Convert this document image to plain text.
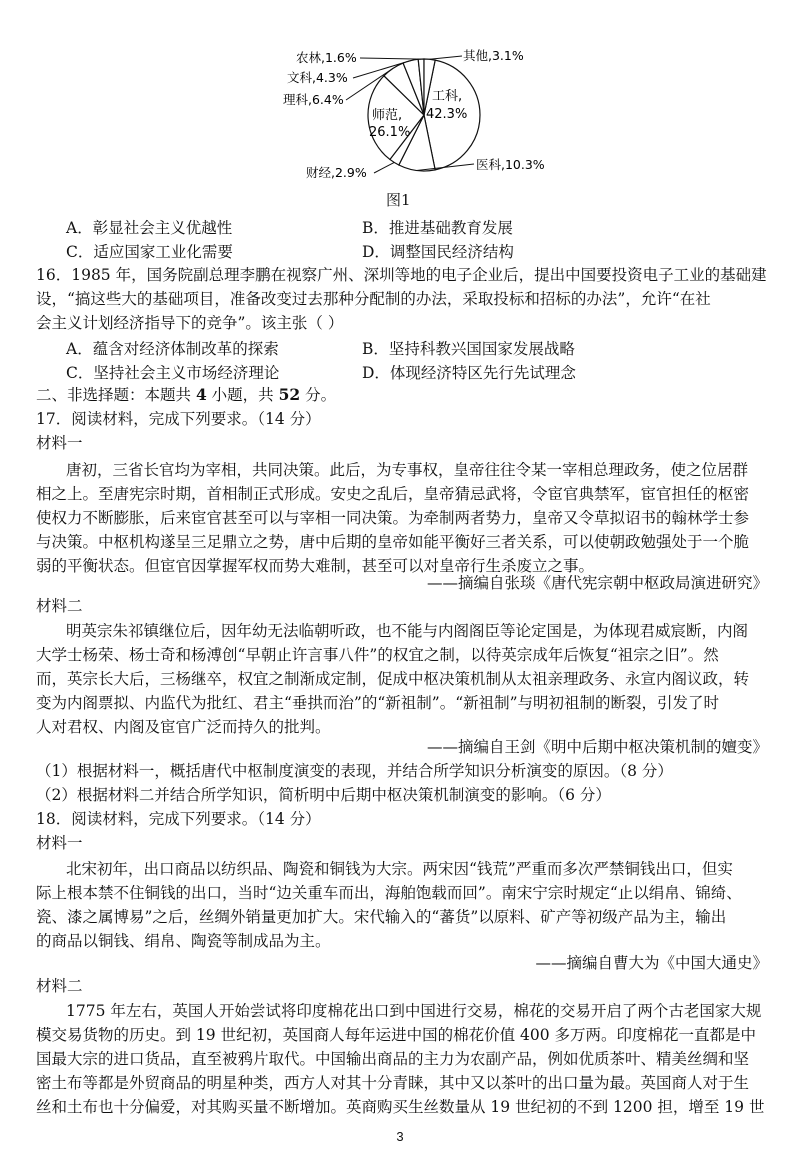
工科,
42.3%
师范,
26.1%
农林,1.6%
文科,4.3%
理科,6.4%
其他,3.1%
医科,10.3%
财经,2.9%
图1
A．彰显社会主义优越性	B．推进基础教育发展
C．适应国家工业化需要	D．调整国民经济结构
16．1985 年，国务院副总理李鹏在视察广州、深圳等地的电子企业后，提出中国要投资电子工业的基础建
设，“搞这些大的基础项目，准备改变过去那种分配制的办法，采取投标和招标的办法”，允许“在社
会主义计划经济指导下的竞争”。该主张（ ）
A．蕴含对经济体制改革的探索	B．坚持科教兴国国家发展战略
C．坚持社会主义市场经济理论	D．体现经济特区先行先试理念
二、非选择题：本题共 4 小题，共 52 分。
17．阅读材料，完成下列要求。（14 分）
材料一
唐初，三省长官均为宰相，共同决策。此后，为专事权，皇帝往往令某一宰相总理政务，使之位居群
相之上。至唐宪宗时期，首相制正式形成。安史之乱后，皇帝猜忌武将，令宦官典禁军，宦官担任的枢密
使权力不断膨胀，后来宦官甚至可以与宰相一同决策。为牵制两者势力，皇帝又令草拟诏书的翰林学士参
与决策。中枢机构遂呈三足鼎立之势，唐中后期的皇帝如能平衡好三者关系，可以使朝政勉强处于一个脆
弱的平衡状态。但宦官因掌握军权而势大难制，甚至可以对皇帝行生杀废立之事。
——摘编自张琰《唐代宪宗朝中枢政局演进研究》
材料二
明英宗朱祁镇继位后，因年幼无法临朝听政，也不能与内阁阁臣等论定国是，为体现君威宸断，内阁
大学士杨荣、杨士奇和杨溥创“早朝止许言事八件”的权宜之制，以待英宗成年后恢复“祖宗之旧”。然
而，英宗长大后，三杨继卒，权宜之制渐成定制，促成中枢决策机制从太祖亲理政务、永宣内阁议政，转
变为内阁票拟、内监代为批红、君主“垂拱而治”的“新祖制”。“新祖制”与明初祖制的断裂，引发了时
人对君权、内阁及宦官广泛而持久的批判。
——摘编自王剑《明中后期中枢决策机制的嬗变》
（1）根据材料一，概括唐代中枢制度演变的表现，并结合所学知识分析演变的原因。（8 分）
（2）根据材料二并结合所学知识，简析明中后期中枢决策机制演变的影响。（6 分）
18．阅读材料，完成下列要求。（14 分）
材料一
北宋初年，出口商品以纺织品、陶瓷和铜钱为大宗。两宋因“钱荒”严重而多次严禁铜钱出口，但实
际上根本禁不住铜钱的出口，当时“边关重车而出，海舶饱载而回”。南宋宁宗时规定“止以绢帛、锦绮、
瓷、漆之属博易”之后，丝绸外销量更加扩大。宋代输入的“蕃货”以原料、矿产等初级产品为主，输出
的商品以铜钱、绢帛、陶瓷等制成品为主。
——摘编自曹大为《中国大通史》
材料二
1775 年左右，英国人开始尝试将印度棉花出口到中国进行交易，棉花的交易开启了两个古老国家大规
模交易货物的历史。到 19 世纪初，英国商人每年运进中国的棉花价值 400 多万两。印度棉花一直都是中
国最大宗的进口货品，直至被鸦片取代。中国输出商品的主力为农副产品，例如优质茶叶、精美丝绸和坚
密土布等都是外贸商品的明星种类，西方人对其十分青睐，其中又以茶叶的出口量为最。英国商人对于生
丝和土布也十分偏爱，对其购买量不断增加。英商购买生丝数量从 19 世纪初的不到 1200 担，增至 19 世
3
